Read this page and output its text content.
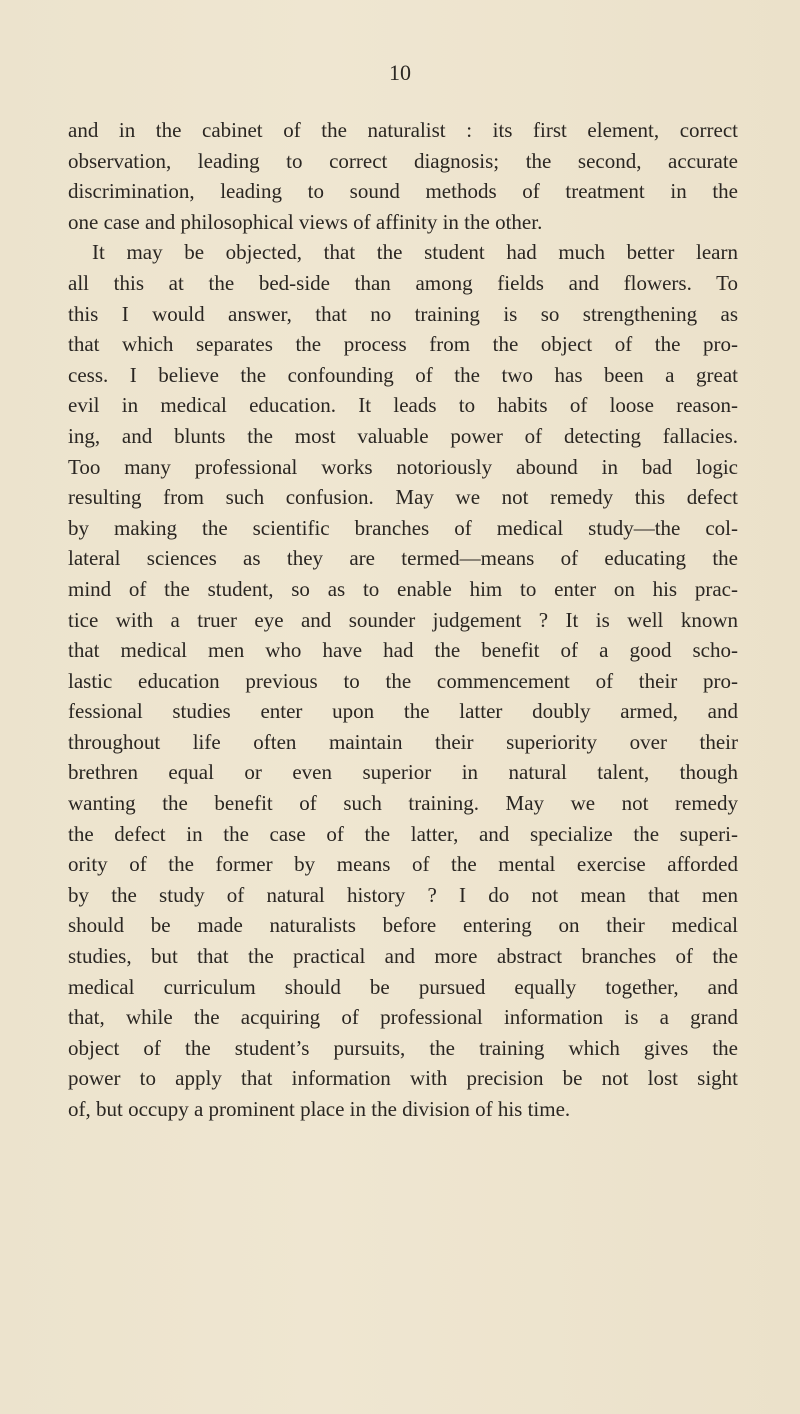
10
and in the cabinet of the naturalist : its first element, correct
observation, leading to correct diagnosis; the second, accurate
discrimination, leading to sound methods of treatment in the
one case and philosophical views of affinity in the other.
It may be objected, that the student had much better learn
all this at the bed-side than among fields and flowers. To
this I would answer, that no training is so strengthening as
that which separates the process from the object of the pro-
cess. I believe the confounding of the two has been a great
evil in medical education. It leads to habits of loose reason-
ing, and blunts the most valuable power of detecting fallacies.
Too many professional works notoriously abound in bad logic
resulting from such confusion. May we not remedy this defect
by making the scientific branches of medical study—the col-
lateral sciences as they are termed—means of educating the
mind of the student, so as to enable him to enter on his prac-
tice with a truer eye and sounder judgement ? It is well known
that medical men who have had the benefit of a good scho-
lastic education previous to the commencement of their pro-
fessional studies enter upon the latter doubly armed, and
throughout life often maintain their superiority over their
brethren equal or even superior in natural talent, though
wanting the benefit of such training. May we not remedy
the defect in the case of the latter, and specialize the superi-
ority of the former by means of the mental exercise afforded
by the study of natural history ? I do not mean that men
should be made naturalists before entering on their medical
studies, but that the practical and more abstract branches of the
medical curriculum should be pursued equally together, and
that, while the acquiring of professional information is a grand
object of the student’s pursuits, the training which gives the
power to apply that information with precision be not lost sight
of, but occupy a prominent place in the division of his time.
